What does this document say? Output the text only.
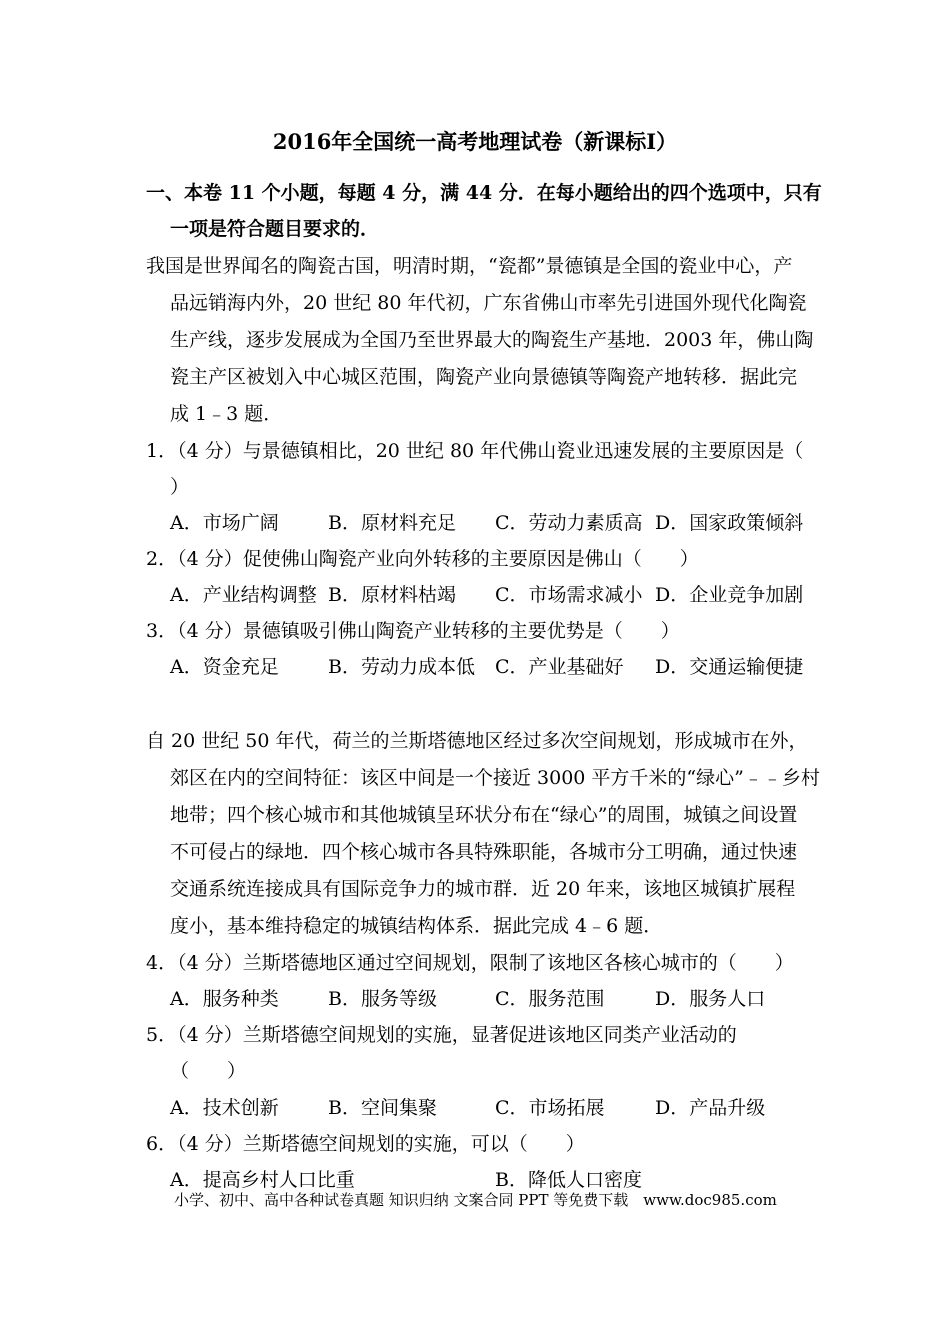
2016年全国统一高考地理试卷（新课标I）
一、本卷 11 个小题，每题 4 分，满 44 分．在每小题给出的四个选项中，只有
一项是符合题目要求的．
我国是世界闻名的陶瓷古国，明清时期，“瓷都”景德镇是全国的瓷业中心，产
品远销海内外，20 世纪 80 年代初，广东省佛山市率先引进国外现代化陶瓷
生产线，逐步发展成为全国乃至世界最大的陶瓷生产基地．2003 年，佛山陶
瓷主产区被划入中心城区范围，陶瓷产业向景德镇等陶瓷产地转移．据此完
成 1﹣3 题．
1．（4 分）与景德镇相比，20 世纪 80 年代佛山瓷业迅速发展的主要原因是（
）
A．市场广阔	B．原材料充足 C．劳动力素质高 D．国家政策倾斜
2．（4 分）促使佛山陶瓷产业向外转移的主要原因是佛山（　　）
A．产业结构调整 B．原材料枯竭 C．市场需求减小 D．企业竞争加剧
3．（4 分）景德镇吸引佛山陶瓷产业转移的主要优势是（　　）
A．资金充足	B．劳动力成本低 C．产业基础好 D．交通运输便捷
自 20 世纪 50 年代，荷兰的兰斯塔德地区经过多次空间规划，形成城市在外，
郊区在内的空间特征：该区中间是一个接近 3000 平方千米的“绿心”﹣﹣乡村
地带；四个核心城市和其他城镇呈环状分布在“绿心”的周围，城镇之间设置
不可侵占的绿地．四个核心城市各具特殊职能，各城市分工明确，通过快速
交通系统连接成具有国际竞争力的城市群．近 20 年来，该地区城镇扩展程
度小，基本维持稳定的城镇结构体系．据此完成 4﹣6 题．
4．（4 分）兰斯塔德地区通过空间规划，限制了该地区各核心城市的（　　）
A．服务种类	B．服务等级	C．服务范围	D．服务人口
5．（4 分）兰斯塔德空间规划的实施，显著促进该地区同类产业活动的
（　　）
A．技术创新	B．空间集聚	C．市场拓展	D．产品升级
6．（4 分）兰斯塔德空间规划的实施，可以（　　）
A．提高乡村人口比重	B．降低人口密度
小学、初中、高中各种试卷真题 知识归纳 文案合同 PPT 等免费下载　www.doc985.com
